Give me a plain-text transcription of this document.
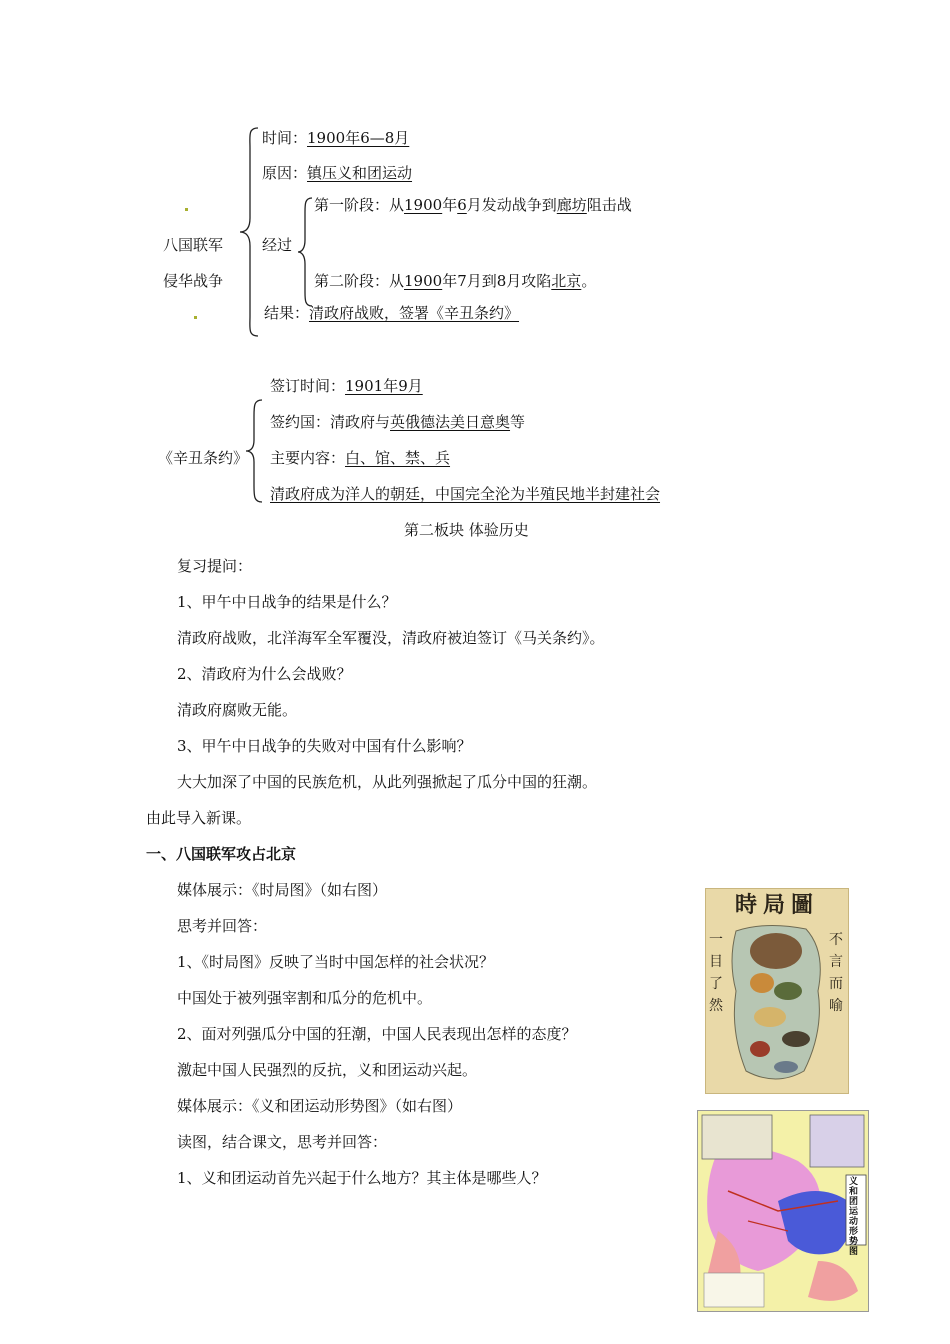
八国联军
侵华战争
时间：1900年6—8月
原因：镇压义和团运动
经过
第一阶段：从1900年6月发动战争到廊坊阻击战
第二阶段：从1900年7月到8月攻陷北京。
结果：清政府战败，签署《辛丑条约》
《辛丑条约》
签订时间：1901年9月
签约国：清政府与英俄德法美日意奥等
主要内容：白、馆、禁、兵
清政府成为洋人的朝廷，中国完全沦为半殖民地半封建社会
第二板块 体验历史
复习提问：
1、甲午中日战争的结果是什么？
清政府战败，北洋海军全军覆没，清政府被迫签订《马关条约》。
2、清政府为什么会战败？
清政府腐败无能。
3、甲午中日战争的失败对中国有什么影响？
大大加深了中国的民族危机，从此列强掀起了瓜分中国的狂潮。
由此导入新课。
一、八国联军攻占北京
媒体展示：《时局图》（如右图）
思考并回答：
1、《时局图》反映了当时中国怎样的社会状况？
中国处于被列强宰割和瓜分的危机中。
2、面对列强瓜分中国的狂潮，中国人民表现出怎样的态度？
激起中国人民强烈的反抗，义和团运动兴起。
媒体展示：《义和团运动形势图》（如右图）
读图，结合课文，思考并回答：
1、义和团运动首先兴起于什么地方？其主体是哪些人？
時局圖
不言而喻
一目了然
义和团运动形势图
